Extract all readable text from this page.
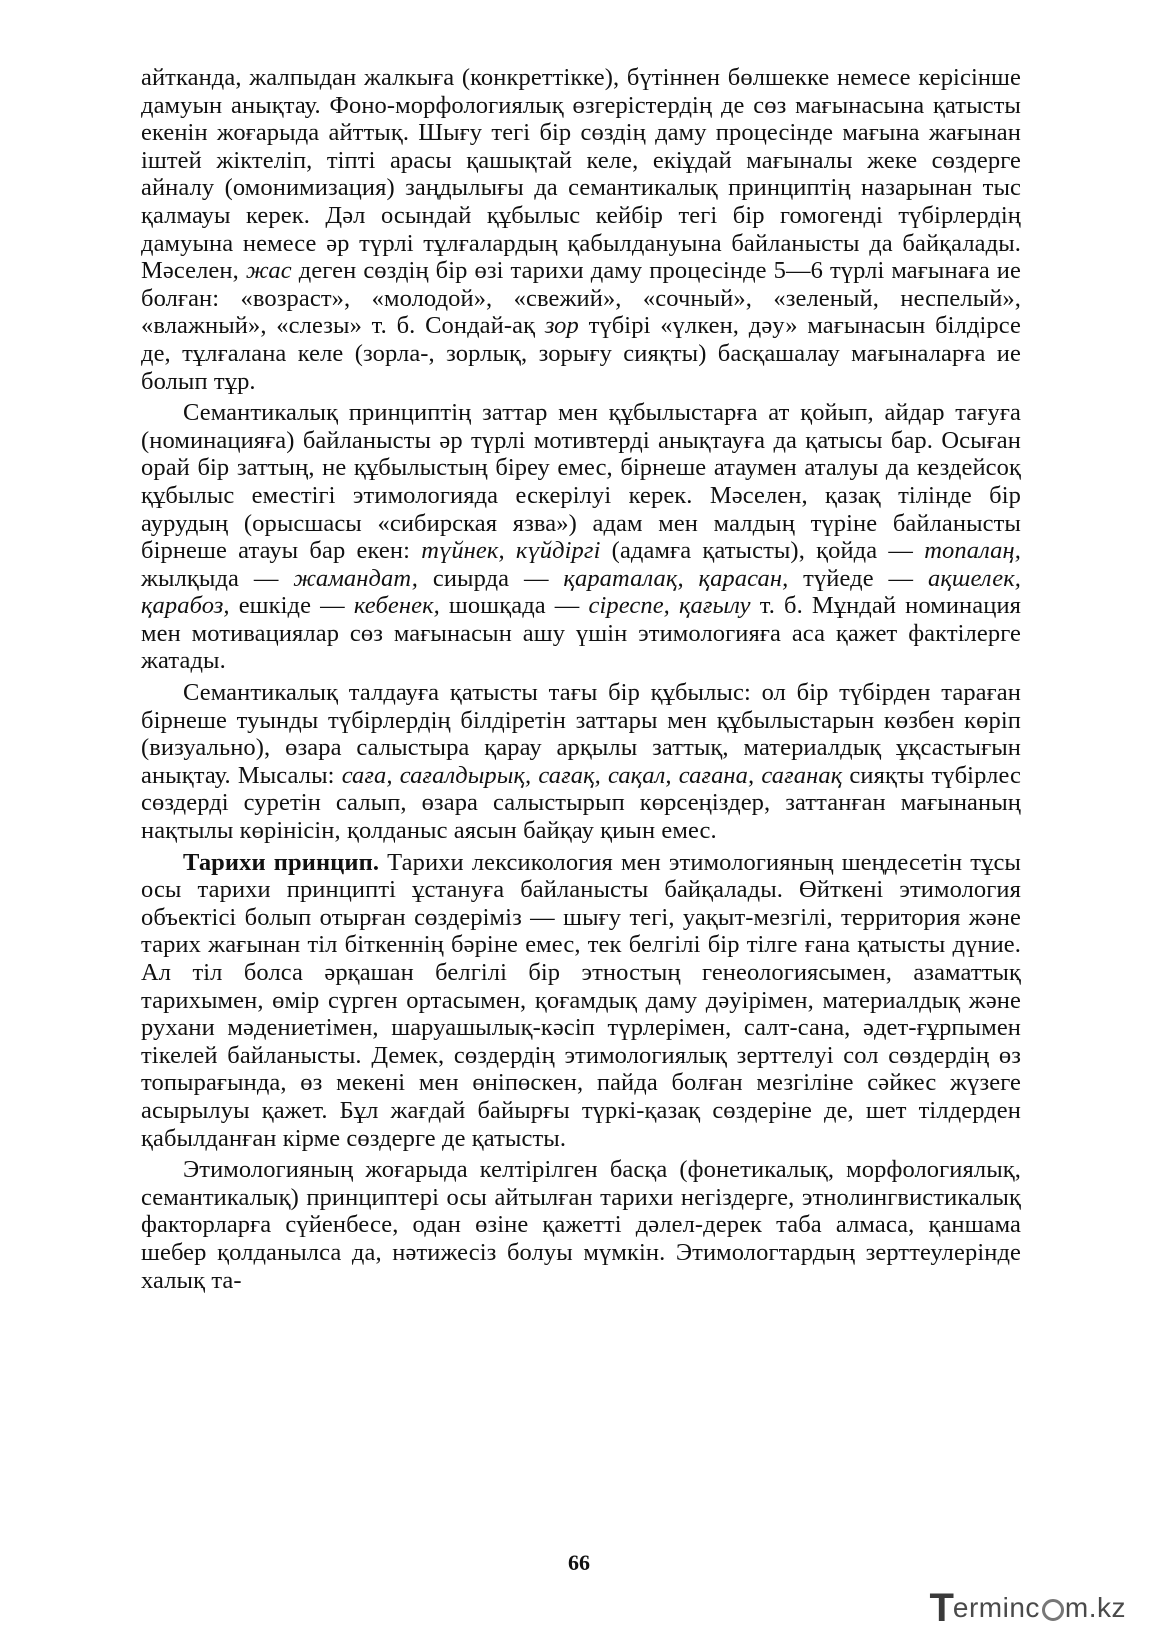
айтканда, жалпыдан жалкыға (конкреттікке), бүтіннен бөлшекке немесе керісінше дамуын анықтау. Фоно-морфологиялық өзгерістердің де сөз мағынасына қатысты екенін жоғарыда айттық. Шығу тегі бір сөздің даму процесінде мағына жағынан іштей жіктеліп, тіпті арасы қашықтай келе, екіұдай мағыналы жеке сөздерге айналу (омонимизация) заңдылығы да семантикалық принциптің назарынан тыс қалмауы керек. Дәл осындай құбылыс кейбір тегі бір гомогенді түбірлердің дамуына немесе әр түрлі тұлғалардың қабылдануына байланысты да байқалады. Мәселен, жас деген сөздің бір өзі тарихи даму процесінде 5—6 түрлі мағынаға ие болған: «возраст», «молодой», «свежий», «сочный», «зеленый, неспелый», «влажный», «слезы» т. б. Сондай-ақ зор түбірі «үлкен, дәу» мағынасын білдірсе де, тұлғалана келе (зорла-, зорлық, зорығу сияқты) басқашалау мағыналарға ие болып тұр.

Семантикалық принциптің заттар мен құбылыстарға ат қойып, айдар тағуға (номинацияға) байланысты әр түрлі мотивтерді анықтауға да қатысы бар. Осыған орай бір заттың, не құбылыстың біреу емес, бірнеше атаумен аталуы да кездейсоқ құбылыс еместігі этимологияда ескерілуі керек. Мәселен, қазақ тілінде бір аурудың (орысшасы «сибирская язва») адам мен малдың түріне байланысты бірнеше атауы бар екен: түйнек, күйдіргі (адамға қатысты), қойда — топалаң, жылқыда — жамандат, сиырда — қараталақ, қарасан, түйеде — ақшелек, қарабоз, ешкіде — кебенек, шошқада — сіреспе, қағылу т. б. Мұндай номинация мен мотивациялар сөз мағынасын ашу үшін этимологияға аса қажет фактілерге жатады.

Семантикалық талдауға қатысты тағы бір құбылыс: ол бір түбірден тараған бірнеше туынды түбірлердің білдіретін заттары мен құбылыстарын көзбен көріп (визуально), өзара салыстыра қарау арқылы заттық, материалдық ұқсастығын анықтау. Мысалы: саға, сағалдырық, сағақ, сақал, сағана, сағанақ сияқты түбірлес сөздерді суретін салып, өзара салыстырып көрсеңіздер, заттанған мағынаның нақтылы көрінісін, қолданыс аясын байқау қиын емес.

Тарихи принцип. Тарихи лексикология мен этимологияның шеңдесетін тұсы осы тарихи принципті ұстануға байланысты байқалады. Өйткені этимология объектісі болып отырған сөздеріміз — шығу тегі, уақыт-мезгілі, территория және тарих жағынан тіл біткеннің бәріне емес, тек белгілі бір тілге ғана қатысты дүние. Ал тіл болса әрқашан белгілі бір этностың генеологиясымен, азаматтық тарихымен, өмір сүрген ортасымен, қоғамдық даму дәуірімен, материалдық және рухани мәдениетімен, шаруашылық-кәсіп түрлерімен, салт-сана, әдет-ғұрпымен тікелей байланысты. Демек, сөздердің этимологиялық зерттелуі сол сөздердің өз топырағында, өз мекені мен өніпөскен, пайда болған мезгіліне сәйкес жүзеге асырылуы қажет. Бұл жағдай байырғы түркі-қазақ сөздеріне де, шет тілдерден қабылданған кірме сөздерге де қатысты.

Этимологияның жоғарыда келтірілген басқа (фонетикалық, морфологиялық, семантикалық) принциптері осы айтылған тарихи негіздерге, этнолингвистикалық факторларға сүйенбесе, одан өзіне қажетті дәлел-дерек таба алмаса, қаншама шебер қолданылса да, нәтижесіз болуы мүмкін. Этимологтардың зерттеулерінде халық та-

66
T erminc m.kz
